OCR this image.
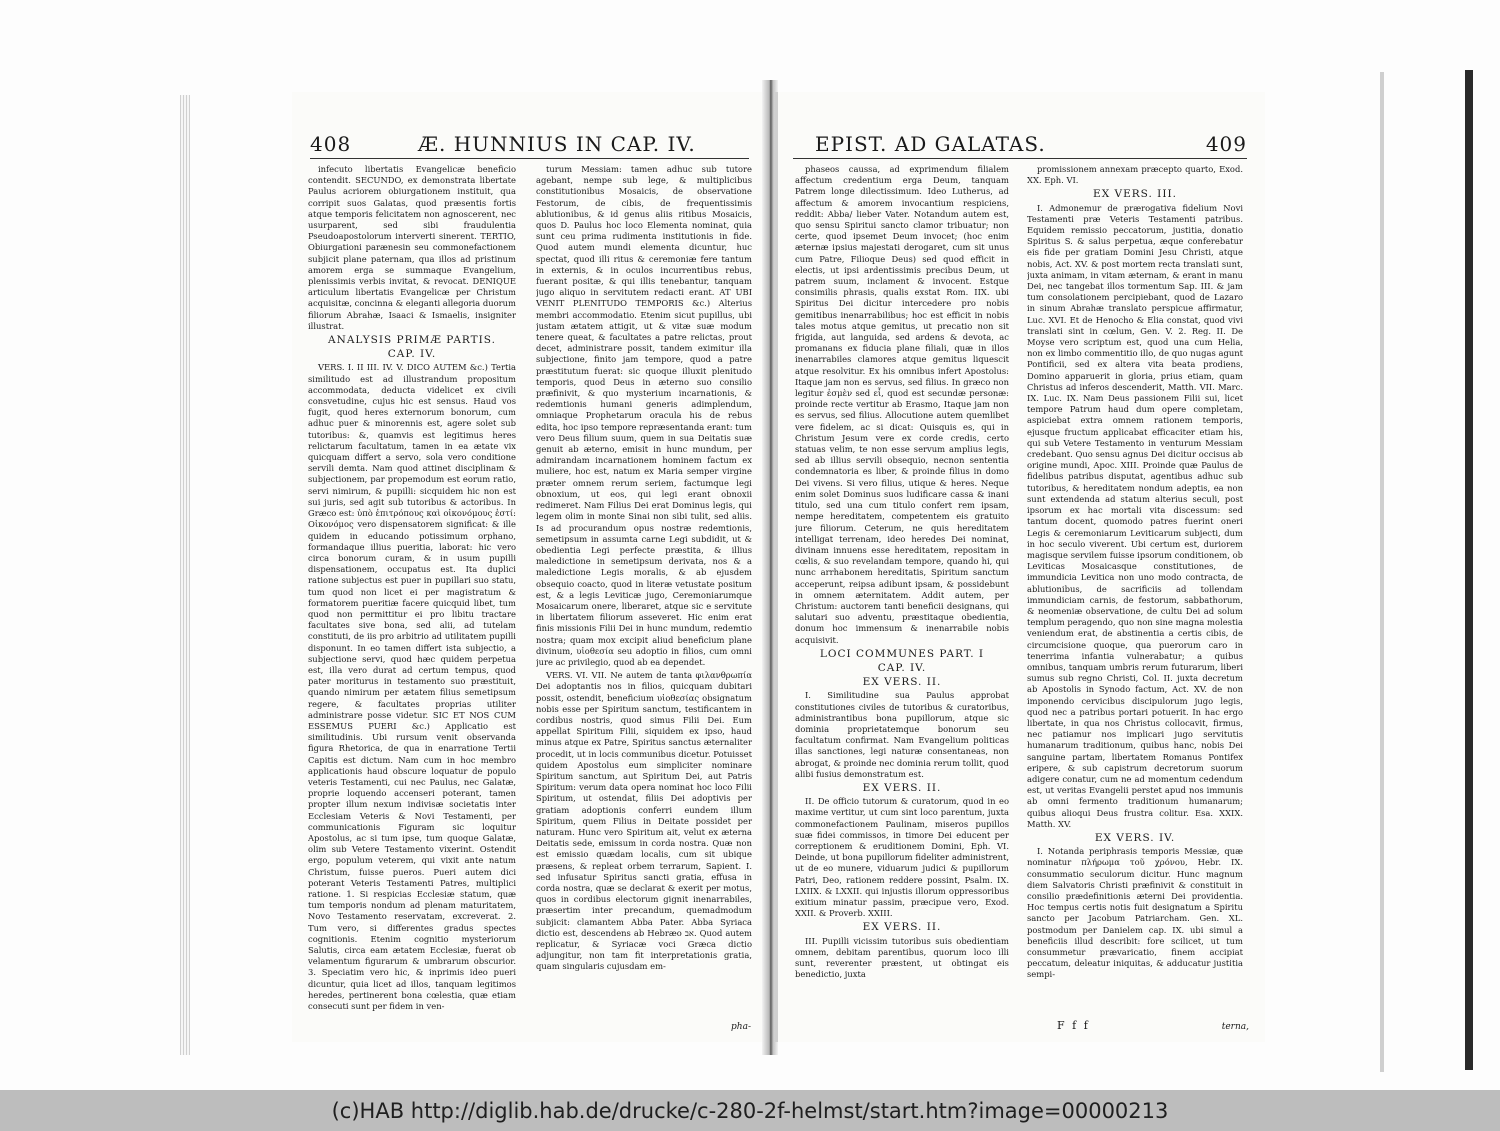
408	Æ. HUNNIUS IN CAP. IV.

infecuto libertatis Evangelicæ beneficio contendit. SECUNDO, ex demonstrata libertate Paulus acriorem obiurgationem instituit, qua corripit suos Galatas, quod præsentis fortis atque temporis felicitatem non agnoscerent, nec usurparent, sed sibi fraudulentia Pseudoapostolorum interverti sinerent. TERTIO, Obiurgationi parænesin seu commonefactionem subjicit plane paternam, qua illos ad pristinum amorem erga se summaque Evangelium, plenissimis verbis invitat, & revocat. DENIQUE articulum libertatis Evangelicæ per Christum acquisitæ, concinna & eleganti allegoria duorum filiorum Abrahæ, Isaaci & Ismaelis, insigniter illustrat.

ANALYSIS PRIMÆ PARTIS.
CAP. IV.

VERS. I. II III. IV. V. DICO AUTEM &c.) Tertia similitudo est ad illustrandum propositum accommodata, deducta videlicet ex civili consvetudine, cujus hic est sensus. Haud vos fugit, quod heres externorum bonorum, cum adhuc puer & minorennis est, agere solet sub tutoribus: &, quamvis est legitimus heres relictarum facultatum, tamen in ea ætate vix quicquam differt a servo, sola vero conditione servili demta. Nam quod attinet disciplinam & subjectionem, par propemodum est eorum ratio, servi nimirum, & pupilli: sicquidem hic non est sui juris, sed agit sub tutoribus & actoribus. In Græco est: ὑπὸ ἐπιτρόπους καὶ οἰκονόμους ἐστί: Οἰκονόμος vero dispensatorem significat: & ille quidem in educando potissimum orphano, formandaque illius pueritia, laborat: hic vero circa bonorum curam, & in usum pupilli dispensationem, occupatus est. Ita duplici ratione subjectus est puer in pupillari suo statu, tum quod non licet ei per magistratum & formatorem pueritiæ facere quicquid libet, tum quod non permittitur ei pro libitu tractare facultates sive bona, sed alii, ad tutelam constituti, de iis pro arbitrio ad utilitatem pupilli disponunt. In eo tamen differt ista subjectio, a subjectione servi, quod hæc quidem perpetua est, illa vero durat ad certum tempus, quod pater moriturus in testamento suo præstituit, quando nimirum per ætatem filius semetipsum regere, & facultates proprias utiliter administrare posse videtur. SIC ET NOS CUM ESSEMUS PUERI &c.) Applicatio est similitudinis. Ubi rursum venit observanda figura Rhetorica, de qua in enarratione Tertii Capitis est dictum. Nam cum in hoc membro applicationis haud obscure loquatur de populo veteris Testamenti, cui nec Paulus, nec Galatæ, proprie loquendo accenseri poterant, tamen propter illum nexum indivisæ societatis inter Ecclesiam Veteris & Novi Testamenti, per communicationis Figuram sic loquitur Apostolus, ac si tum ipse, tum quoque Galatæ, olim sub Vetere Testamento vixerint. Ostendit ergo, populum veterem, qui vixit ante natum Christum, fuisse pueros. Pueri autem dici poterant Veteris Testamenti Patres, multiplici ratione. 1. Si respicias Ecclesiæ statum, quæ tum temporis nondum ad plenam maturitatem, Novo Testamento reservatam, excreverat. 2. Tum vero, si differentes gradus spectes cognitionis. Etenim cognitio mysteriorum Salutis, circa eam ætatem Ecclesiæ, fuerat ob velamentum figurarum & umbrarum obscurior. 3. Speciatim vero hic, & inprimis ideo pueri dicuntur, quia licet ad illos, tanquam legitimos heredes, pertinerent bona cœlestia, quæ etiam consecuti sunt per fidem in ven-

turum Messiam: tamen adhuc sub tutore agebant, nempe sub lege, & multiplicibus constitutionibus Mosaicis, de observatione Festorum, de cibis, de frequentissimis ablutionibus, & id genus aliis ritibus Mosaicis, quos D. Paulus hoc loco Elementa nominat, quia sunt ceu prima rudimenta institutionis in fide. Quod autem mundi elementa dicuntur, huc spectat, quod illi ritus & ceremoniæ fere tantum in externis, & in oculos incurrentibus rebus, fuerant positæ, & qui illis tenebantur, tanquam jugo aliquo in servitutem redacti erant. AT UBI VENIT PLENITUDO TEMPORIS &c.) Alterius membri accommodatio. Etenim sicut pupillus, ubi justam ætatem attigit, ut & vitæ suæ modum tenere queat, & facultates a patre relictas, prout decet, administrare possit, tandem eximitur illa subjectione, finito jam tempore, quod a patre præstitutum fuerat: sic quoque illuxit plenitudo temporis, quod Deus in æterno suo consilio præfinivit, & quo mysterium incarnationis, & redemtionis humani generis adimplendum, omniaque Prophetarum oracula his de rebus edita, hoc ipso tempore repræsentanda erant: tum vero Deus filium suum, quem in sua Deitatis suæ genuit ab æterno, emisit in hunc mundum, per admirandam incarnationem hominem factum ex muliere, hoc est, natum ex Maria semper virgine præter omnem rerum seriem, factumque legi obnoxium, ut eos, qui legi erant obnoxii redimeret. Nam Filius Dei erat Dominus legis, qui legem olim in monte Sinai non sibi tulit, sed aliis. Is ad procurandum opus nostræ redemtionis, semetipsum in assumta carne Legi subdidit, ut & obedientia Legi perfecte præstita, & illius maledictione in semetipsum derivata, nos & a maledictione Legis moralis, & ab ejusdem obsequio coacto, quod in literæ vetustate positum est, & a legis Leviticæ jugo, Ceremoniarumque Mosaicarum onere, liberaret, atque sic e servitute in libertatem filiorum asseveret. Hic enim erat finis missionis Filii Dei in hunc mundum, redemtio nostra; quam mox excipit aliud beneficium plane divinum, υἱοθεσία seu adoptio in filios, cum omni jure ac privilegio, quod ab ea dependet.

VERS. VI. VII. Ne autem de tanta φιλανθρωπία Dei adoptantis nos in filios, quicquam dubitari possit, ostendit, beneficium υἱοθεσίας obsignatum nobis esse per Spiritum sanctum, testificantem in cordibus nostris, quod simus Filii Dei. Eum appellat Spiritum Filii, siquidem ex ipso, haud minus atque ex Patre, Spiritus sanctus æternaliter procedit, ut in locis communibus dicetur. Potuisset quidem Apostolus eum simpliciter nominare Spiritum sanctum, aut Spiritum Dei, aut Patris Spiritum: verum data opera nominat hoc loco Filii Spiritum, ut ostendat, filiis Dei adoptivis per gratiam adoptionis conferri eundem illum Spiritum, quem Filius in Deitate possidet per naturam. Hunc vero Spiritum ait, velut ex æterna Deitatis sede, emissum in corda nostra. Quæ non est emissio quædam localis, cum sit ubique præsens, & repleat orbem terrarum, Sapient. I. sed infusatur Spiritus sancti gratia, effusa in corda nostra, quæ se declarat & exerit per motus, quos in cordibus electorum gignit inenarrabiles, præsertim inter precandum, quemadmodum subjicit: clamantem Abba Pater. Abba Syriaca dictio est, descendens ab Hebræo אב. Quod autem replicatur, & Syriacæ voci Græca dictio adjungitur, non tam fit interpretationis gratia, quam singularis cujusdam em-

pha-
EPIST. AD GALATAS.	409

phaseos caussa, ad exprimendum filialem affectum credentium erga Deum, tanquam Patrem longe dilectissimum. Ideo Lutherus, ad affectum & amorem invocantium respiciens, reddit: Abba/ lieber Vater. Notandum autem est, quo sensu Spiritui sancto clamor tribuatur; non certe, quod ipsemet Deum invocet; (hoc enim æternæ ipsius majestati derogaret, cum sit unus cum Patre, Filioque Deus) sed quod efficit in electis, ut ipsi ardentissimis precibus Deum, ut patrem suum, inclament & invocent. Estque consimilis phrasis, qualis exstat Rom. IIX. ubi Spiritus Dei dicitur intercedere pro nobis gemitibus inenarrabilibus; hoc est efficit in nobis tales motus atque gemitus, ut precatio non sit frigida, aut languida, sed ardens & devota, ac promanans ex fiducia plane filiali, quæ in illos inenarrabiles clamores atque gemitus liquescit atque resolvitur. Ex his omnibus infert Apostolus: Itaque jam non es servus, sed filius. In græco non legitur ἐσμὲν sed εἶ, quod est secundæ personæ: proinde recte vertitur ab Erasmo, Itaque jam non es servus, sed filius. Allocutione autem quemlibet vere fidelem, ac si dicat: Quisquis es, qui in Christum Jesum vere ex corde credis, certo statuas velim, te non esse servum amplius legis, sed ab illius servili obsequio, necnon sententia condemnatoria es liber, & proinde filius in domo Dei vivens. Si vero filius, utique & heres. Neque enim solet Dominus suos ludificare cassa & inani titulo, sed una cum titulo confert rem ipsam, nempe hereditatem, competentem eis gratuito jure filiorum. Ceterum, ne quis hereditatem intelligat terrenam, ideo heredes Dei nominat, divinam innuens esse hereditatem, repositam in cœlis, & suo revelandam tempore, quando hi, qui nunc arrhabonem hereditatis, Spiritum sanctum acceperunt, reipsa adibunt ipsam, & possidebunt in omnem æternitatem. Addit autem, per Christum: auctorem tanti beneficii designans, qui salutari suo adventu, præstitaque obedientia, donum hoc immensum & inenarrabile nobis acquisivit.

LOCI COMMUNES PART. I
CAP. IV.
EX VERS. II.

I. Similitudine sua Paulus approbat constitutiones civiles de tutoribus & curatoribus, administrantibus bona pupillorum, atque sic dominia proprietatemque bonorum seu facultatum confirmat. Nam Evangelium politicas illas sanctiones, legi naturæ consentaneas, non abrogat, & proinde nec dominia rerum tollit, quod alibi fusius demonstratum est.

EX VERS. II.

II. De officio tutorum & curatorum, quod in eo maxime vertitur, ut cum sint loco parentum, juxta commonefactionem Paulinam, miseros pupillos suæ fidei commissos, in timore Dei educent per correptionem & eruditionem Domini, Eph. VI. Deinde, ut bona pupillorum fideliter administrent, ut de eo munere, viduarum judici & pupillorum Patri, Deo, rationem reddere possint, Psalm. IX. LXIIX. & LXXII. qui injustis illorum oppressoribus exitium minatur passim, præcipue vero, Exod. XXII. & Proverb. XXIII.

EX VERS. II.

III. Pupilli vicissim tutoribus suis obedientiam omnem, debitam parentibus, quorum loco illi sunt, reverenter præstent, ut obtingat eis benedictio, juxta

promissionem annexam præcepto quarto, Exod. XX. Eph. VI.

EX VERS. III.

I. Admonemur de prærogativa fidelium Novi Testamenti præ Veteris Testamenti patribus. Equidem remissio peccatorum, justitia, donatio Spiritus S. & salus perpetua, æque conferebatur eis fide per gratiam Domini Jesu Christi, atque nobis, Act. XV. & post mortem recta translati sunt, juxta animam, in vitam æternam, & erant in manu Dei, nec tangebat illos tormentum Sap. III. & jam tum consolationem percipiebant, quod de Lazaro in sinum Abrahæ translato perspicue affirmatur, Luc. XVI. Et de Henocho & Elia constat, quod vivi translati sint in cœlum, Gen. V. 2. Reg. II. De Moyse vero scriptum est, quod una cum Helia, non ex limbo commentitio illo, de quo nugas agunt Pontificii, sed ex altera vita beata prodiens, Domino apparuerit in gloria, prius etiam, quam Christus ad inferos descenderit, Matth. VII. Marc. IX. Luc. IX. Nam Deus passionem Filii sui, licet tempore Patrum haud dum opere completam, aspiciebat extra omnem rationem temporis, ejusque fructum applicabat efficaciter etiam his, qui sub Vetere Testamento in venturum Messiam credebant. Quo sensu agnus Dei dicitur occisus ab origine mundi, Apoc. XIII. Proinde quæ Paulus de fidelibus patribus disputat, agentibus adhuc sub tutoribus, & hereditatem nondum adeptis, ea non sunt extendenda ad statum alterius seculi, post ipsorum ex hac mortali vita discessum: sed tantum docent, quomodo patres fuerint oneri Legis & ceremoniarum Leviticarum subjecti, dum in hoc seculo viverent. Ubi certum est, duriorem magisque servilem fuisse ipsorum conditionem, ob Leviticas Mosaicasque constitutiones, de immundicia Levitica non uno modo contracta, de ablutionibus, de sacrificiis ad tollendam immundiciam carnis, de festorum, sabbathorum, & neomeniæ observatione, de cultu Dei ad solum templum peragendo, quo non sine magna molestia veniendum erat, de abstinentia a certis cibis, de circumcisione quoque, qua puerorum caro in tenerrima infantia vulnerabatur; a quibus omnibus, tanquam umbris rerum futurarum, liberi sumus sub regno Christi, Col. II. juxta decretum ab Apostolis in Synodo factum, Act. XV. de non imponendo cervicibus discipulorum jugo legis, quod nec a patribus portari potuerit. In hac ergo libertate, in qua nos Christus collocavit, firmus, nec patiamur nos implicari jugo servitutis humanarum traditionum, quibus hanc, nobis Dei sanguine partam, libertatem Romanus Pontifex eripere, & sub capistrum decretorum suorum adigere conatur, cum ne ad momentum cedendum est, ut veritas Evangelii perstet apud nos immunis ab omni fermento traditionum humanarum; quibus alioqui Deus frustra colitur. Esa. XXIX. Matth. XV.

EX VERS. IV.

I. Notanda periphrasis temporis Messiæ, quæ nominatur πλήρωμα τοῦ χρόνου, Hebr. IX. consummatio seculorum dicitur. Hunc magnum diem Salvatoris Christi præfinivit & constituit in consilio prædefinitionis æterni Dei providentia. Hoc tempus certis notis fuit designatum a Spiritu sancto per Jacobum Patriarcham. Gen. XL. postmodum per Danielem cap. IX. ubi simul a beneficiis illud describit: fore scilicet, ut tum consummetur prævaricatio, finem accipiat peccatum, deleatur iniquitas, & adducatur justitia sempi-

F f f	terna,
(c)HAB http://diglib.hab.de/drucke/c-280-2f-helmst/start.htm?image=00000213
